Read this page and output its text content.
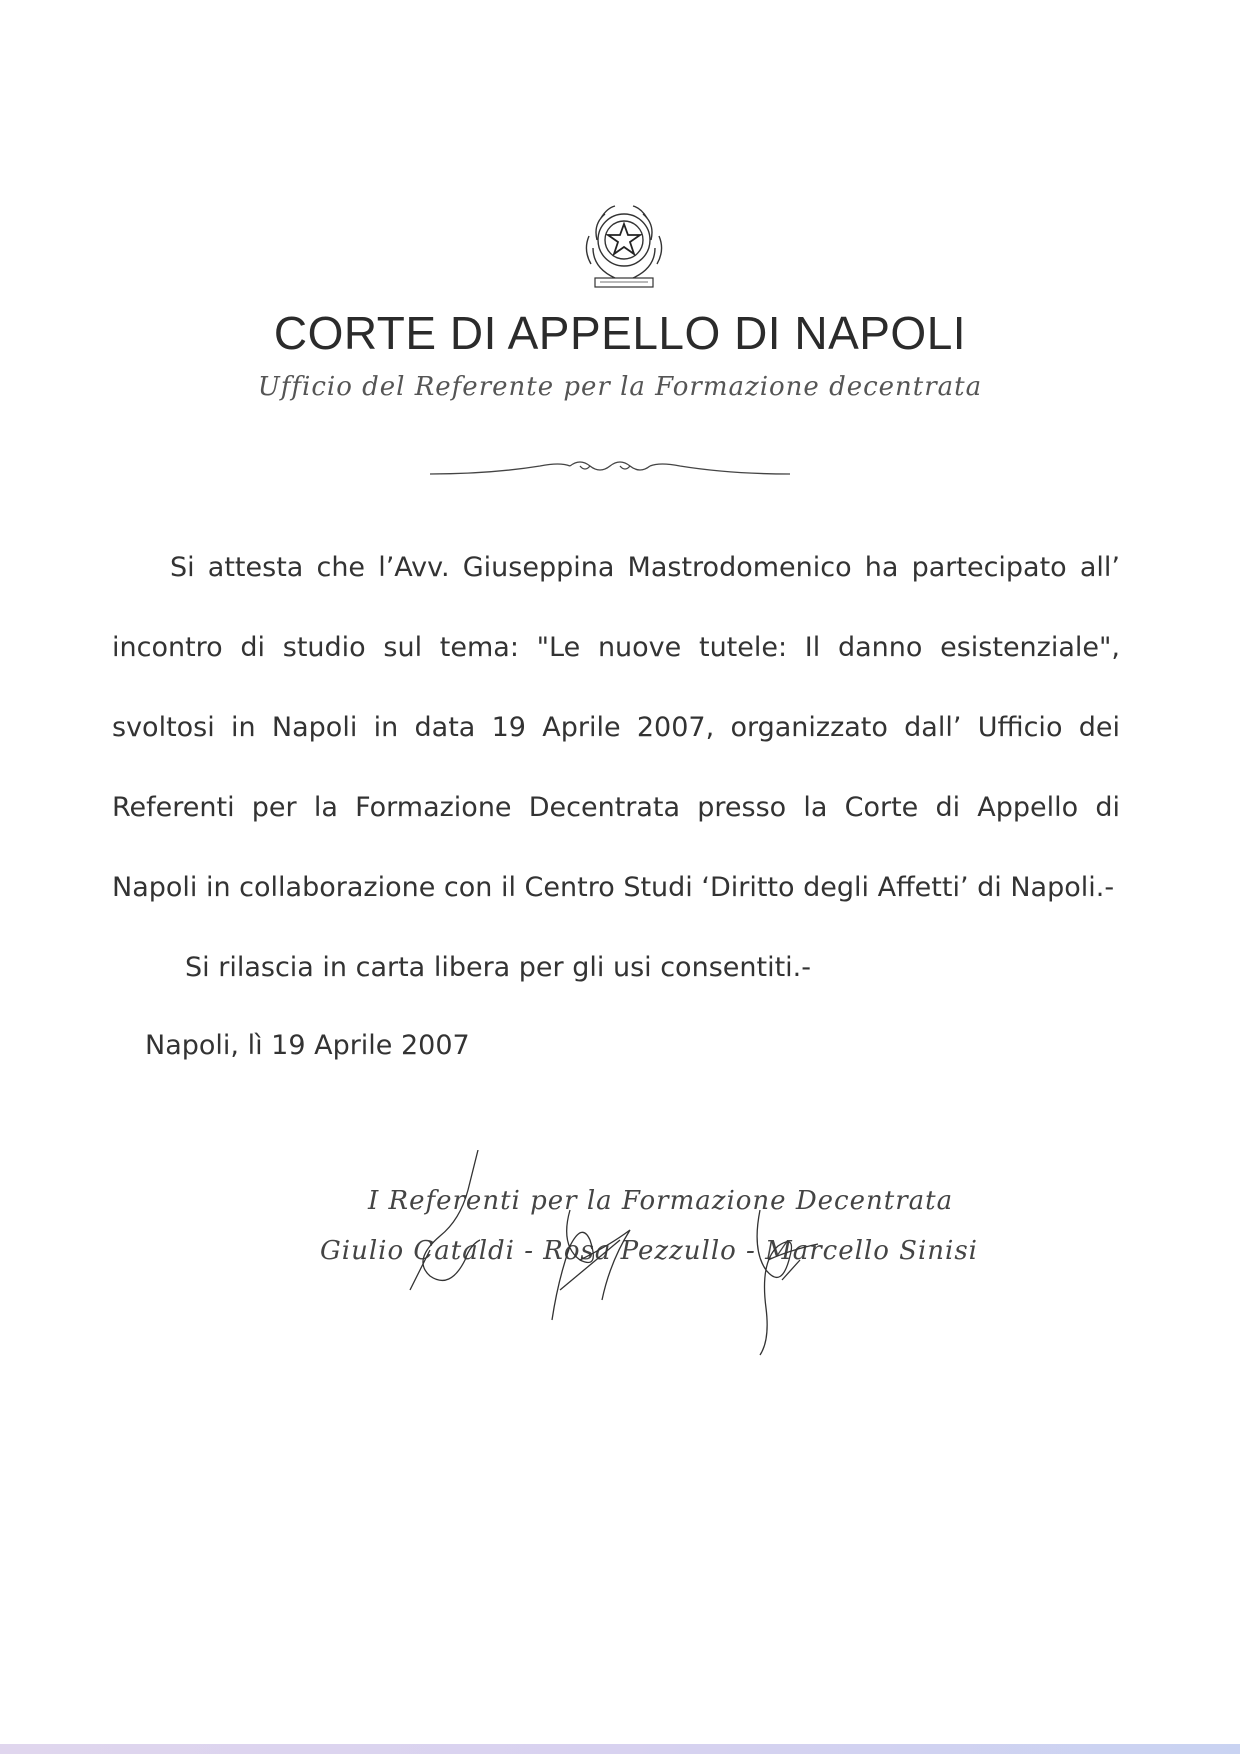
CORTE DI APPELLO DI NAPOLI
Ufficio del Referente per la Formazione decentrata
Si attesta che l’Avv. Giuseppina Mastrodomenico ha partecipato all’
incontro di studio sul tema: "Le nuove tutele: Il danno esistenziale",
svoltosi in Napoli in data 19 Aprile 2007, organizzato dall’ Ufficio dei
Referenti per la Formazione Decentrata presso la Corte di Appello di
Napoli in collaborazione con il Centro Studi ‘Diritto degli Affetti’ di Napoli.-
Si rilascia in carta libera per gli usi consentiti.-
Napoli, lì 19 Aprile 2007
I Referenti per la Formazione Decentrata
Giulio Cataldi - Rosa Pezzullo - Marcello Sinisi
